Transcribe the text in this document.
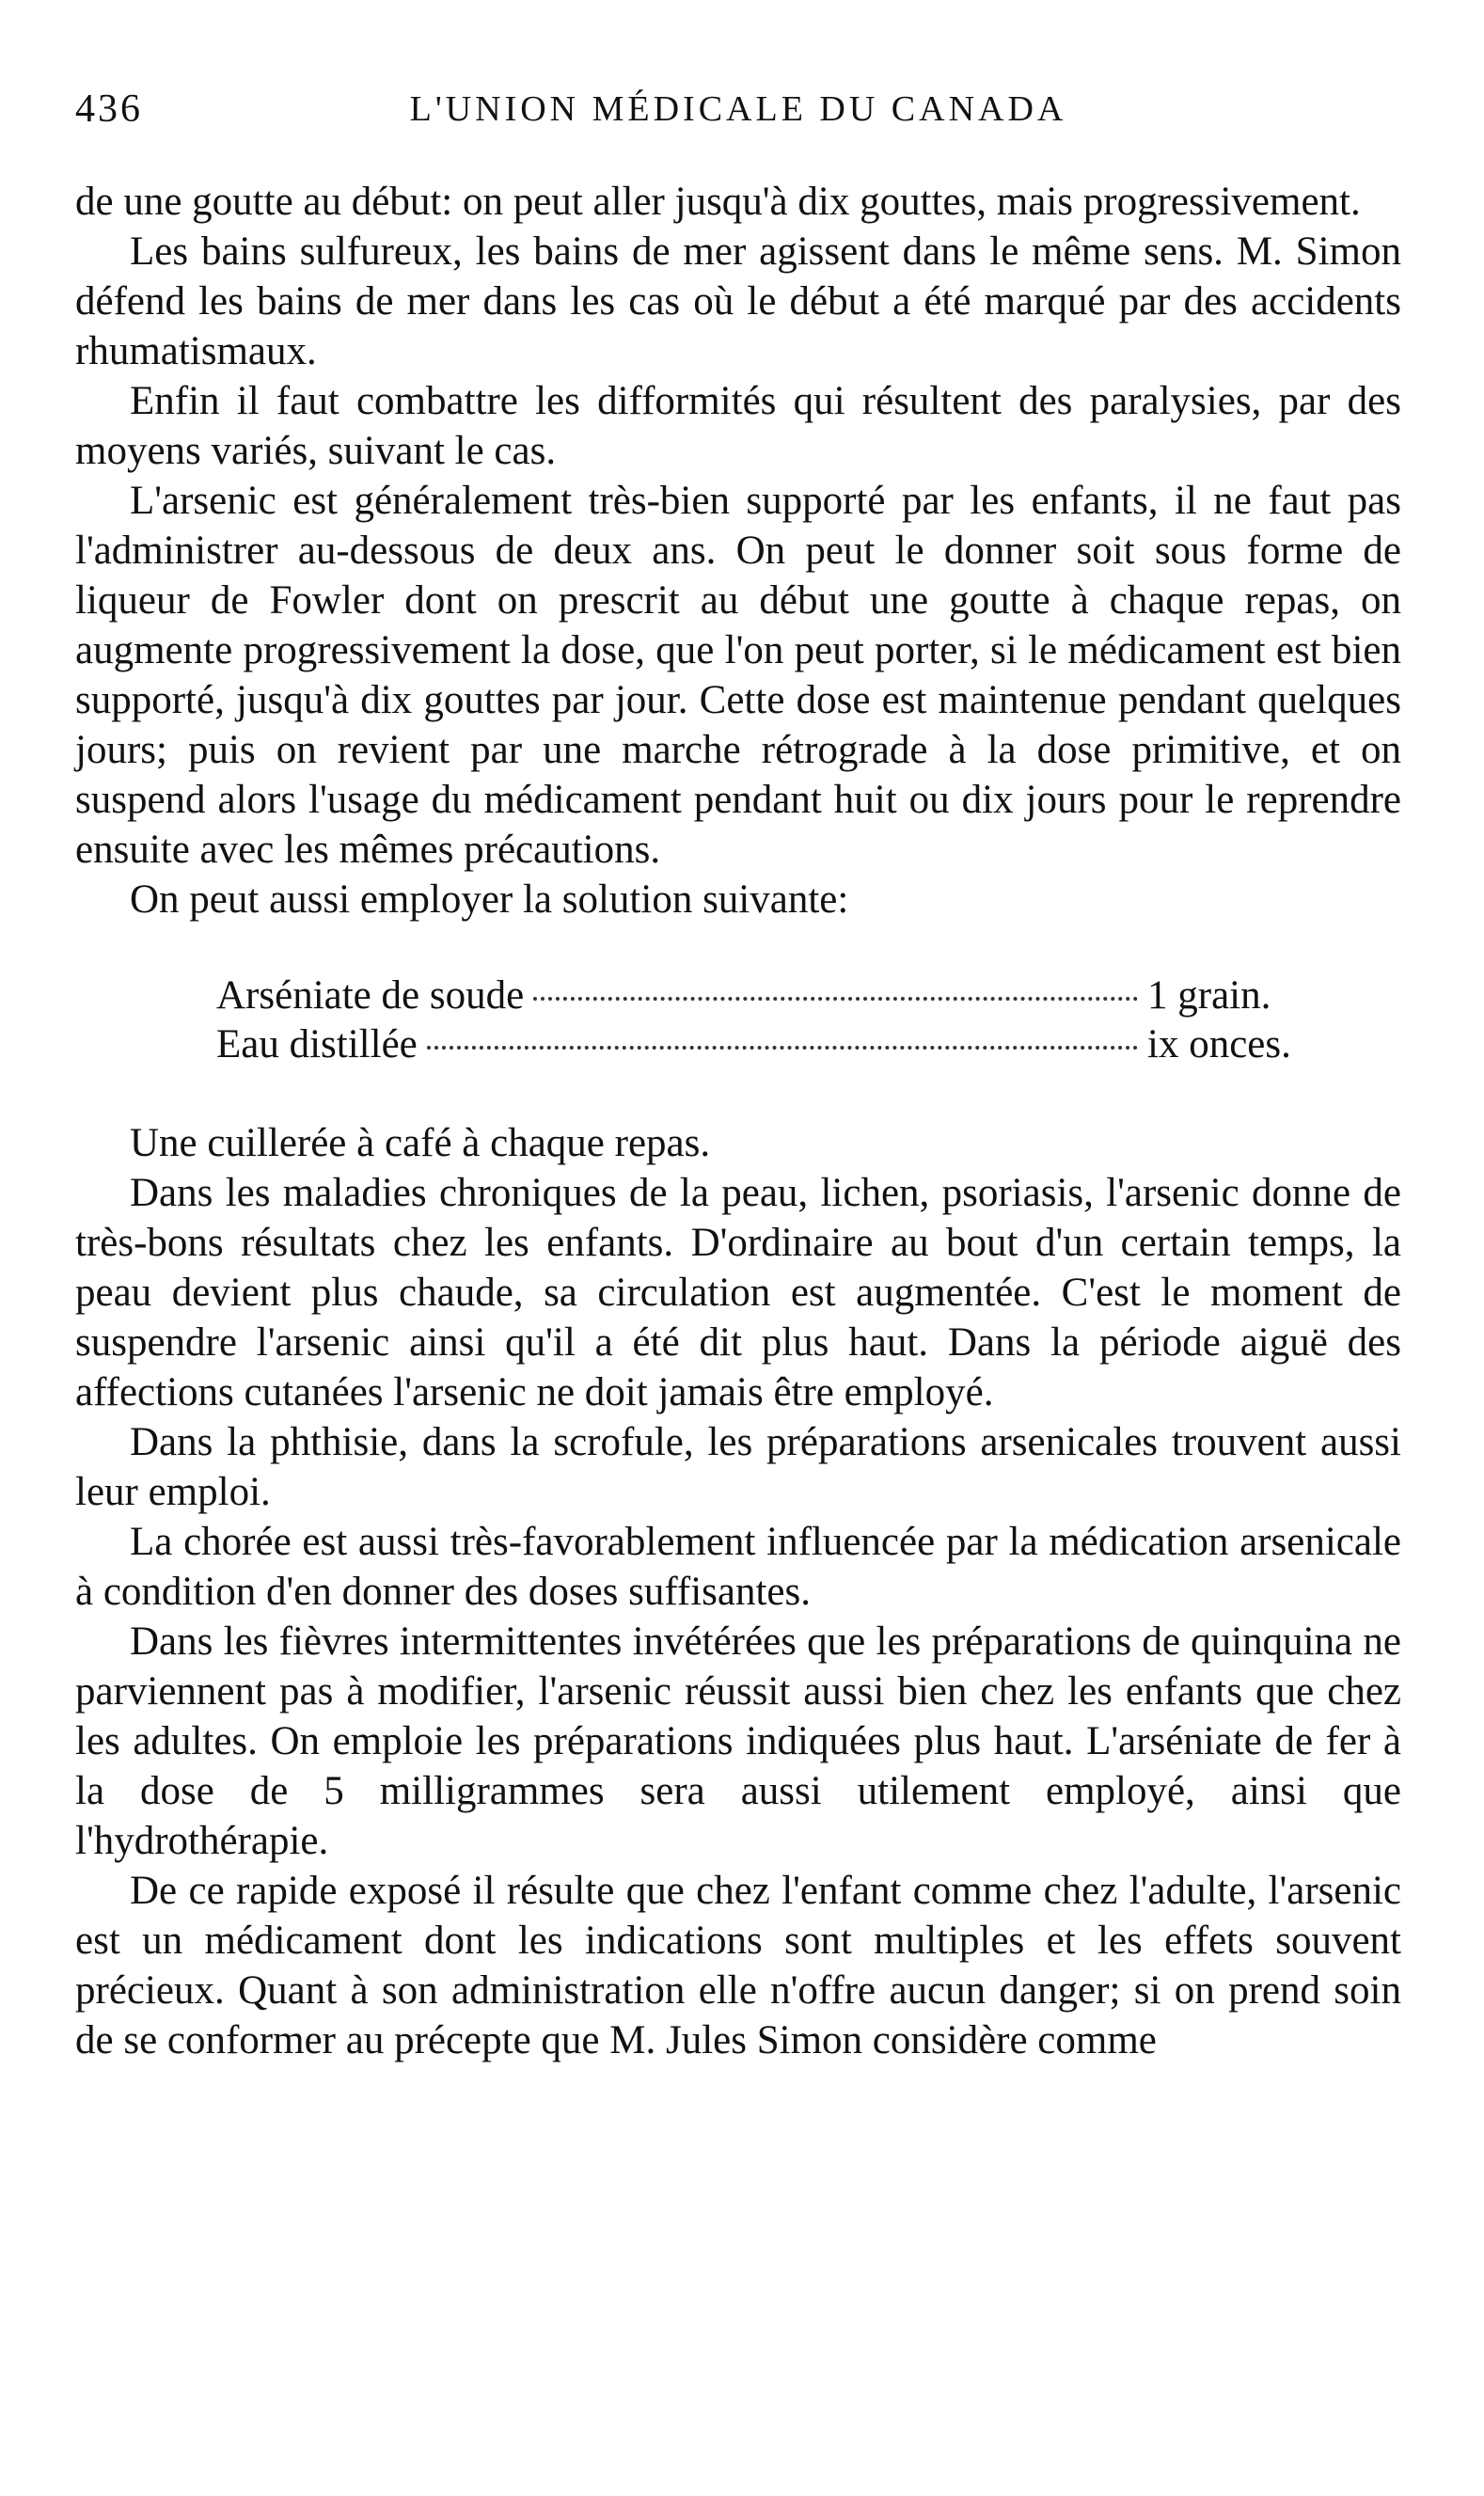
436	L'UNION MÉDICALE DU CANADA

de une goutte au début: on peut aller jusqu'à dix gouttes, mais progressivement.

Les bains sulfureux, les bains de mer agissent dans le même sens. M. Simon défend les bains de mer dans les cas où le début a été marqué par des accidents rhumatismaux.

Enfin il faut combattre les difformités qui résultent des paralysies, par des moyens variés, suivant le cas.

L'arsenic est généralement très-bien supporté par les enfants, il ne faut pas l'administrer au-dessous de deux ans. On peut le donner soit sous forme de liqueur de Fowler dont on prescrit au début une goutte à chaque repas, on augmente progressivement la dose, que l'on peut porter, si le médicament est bien supporté, jusqu'à dix gouttes par jour. Cette dose est maintenue pendant quelques jours; puis on revient par une marche rétrograde à la dose primitive, et on suspend alors l'usage du médicament pendant huit ou dix jours pour le reprendre ensuite avec les mêmes précautions.

On peut aussi employer la solution suivante:

Arséniate de soude	1 grain.
Eau distillée	ix onces.

Une cuillerée à café à chaque repas.

Dans les maladies chroniques de la peau, lichen, psoriasis, l'arsenic donne de très-bons résultats chez les enfants. D'ordinaire au bout d'un certain temps, la peau devient plus chaude, sa circulation est augmentée. C'est le moment de suspendre l'arsenic ainsi qu'il a été dit plus haut. Dans la période aiguë des affections cutanées l'arsenic ne doit jamais être employé.

Dans la phthisie, dans la scrofule, les préparations arsenicales trouvent aussi leur emploi.

La chorée est aussi très-favorablement influencée par la médication arsenicale à condition d'en donner des doses suffisantes.

Dans les fièvres intermittentes invétérées que les préparations de quinquina ne parviennent pas à modifier, l'arsenic réussit aussi bien chez les enfants que chez les adultes. On emploie les préparations indiquées plus haut. L'arséniate de fer à la dose de 5 milligrammes sera aussi utilement employé, ainsi que l'hydrothérapie.

De ce rapide exposé il résulte que chez l'enfant comme chez l'adulte, l'arsenic est un médicament dont les indications sont multiples et les effets souvent précieux. Quant à son administration elle n'offre aucun danger; si on prend soin de se conformer au précepte que M. Jules Simon considère comme
